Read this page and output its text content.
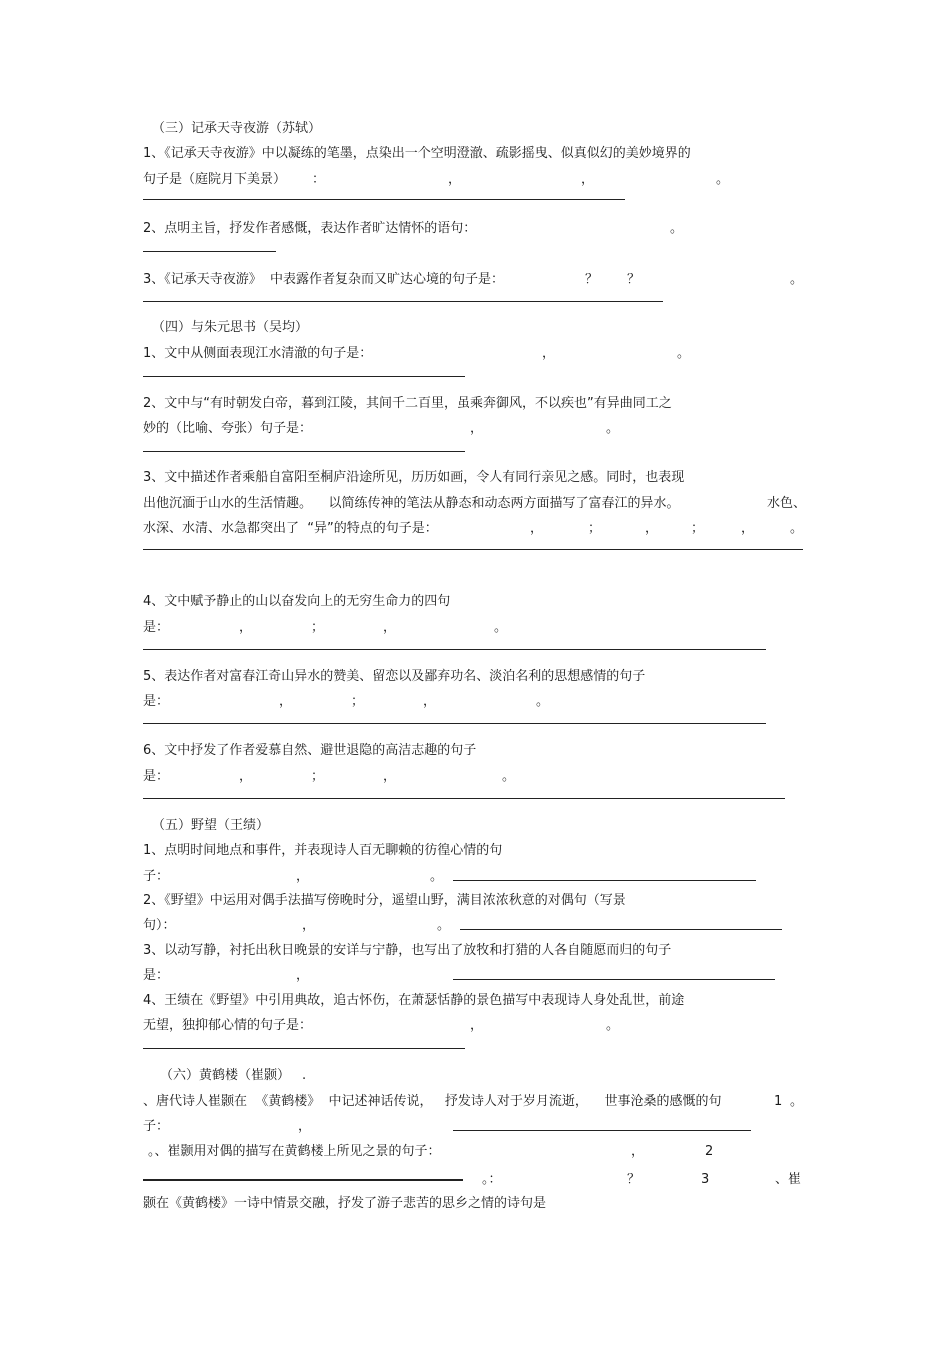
（三）记承天寺夜游（苏轼）
1、《记承天寺夜游》中以凝练的笔墨，点染出一个空明澄澈、疏影摇曳、似真似幻的美妙境界的
句子是（庭院月下美景） ：	，	，	。
2、点明主旨，抒发作者感慨，表达作者旷达情怀的语句：	。
3、《记承天寺夜游》  中表露作者复杂而又旷达心境的句子是：	？ ？	。
（四）与朱元思书（吴均）
1、文中从侧面表现江水清澈的句子是：	，	。
2、文中与“有时朝发白帝，暮到江陵，其间千二百里，虽乘奔御风，不以疾也”有异曲同工之
妙的（比喻、夸张）句子是：	，	。
3、文中描述作者乘船自富阳至桐庐沿途所见，历历如画，令人有同行亲见之感。同时，也表现
出他沉湎于山水的生活情趣。    以简练传神的笔法从静态和动态两方面描写了富春江的异水。	水色、
水深、水清、水急都突出了  “异”的特点的句子是：	，	；	，	；	，	。
4、文中赋予静止的山以奋发向上的无穷生命力的四句
是：	，	；	，	。
5、表达作者对富春江奇山异水的赞美、留恋以及鄙弃功名、淡泊名利的思想感情的句子
是：	，	；	，	。
6、文中抒发了作者爱慕自然、避世退隐的高洁志趣的句子
是：	，	；	，	。
（五）野望（王绩）
1、点明时间地点和事件，并表现诗人百无聊赖的彷徨心情的句
子：	，	。
2、《野望》中运用对偶手法描写傍晚时分，遥望山野，满目浓浓秋意的对偶句（写景
句）：	，	。
3、以动写静，衬托出秋日晚景的安详与宁静，也写出了放牧和打猎的人各自随愿而归的句子
是：	，
4、王绩在《野望》中引用典故，追古怀伤，在萧瑟恬静的景色描写中表现诗人身处乱世，前途
无望，独抑郁心情的句子是：	，	。
（六）黄鹤楼（崔颢） .
、唐代诗人崔颢在  《黄鹤楼》  中记述神话传说，   抒发诗人对于岁月流逝，    世事沧桑的感慨的句	1 。
子：	，
。、崔颢用对偶的描写在黄鹤楼上所见之景的句子：	，	2
。：	？	3	、崔
颢在《黄鹤楼》一诗中情景交融，抒发了游子悲苦的思乡之情的诗句是
